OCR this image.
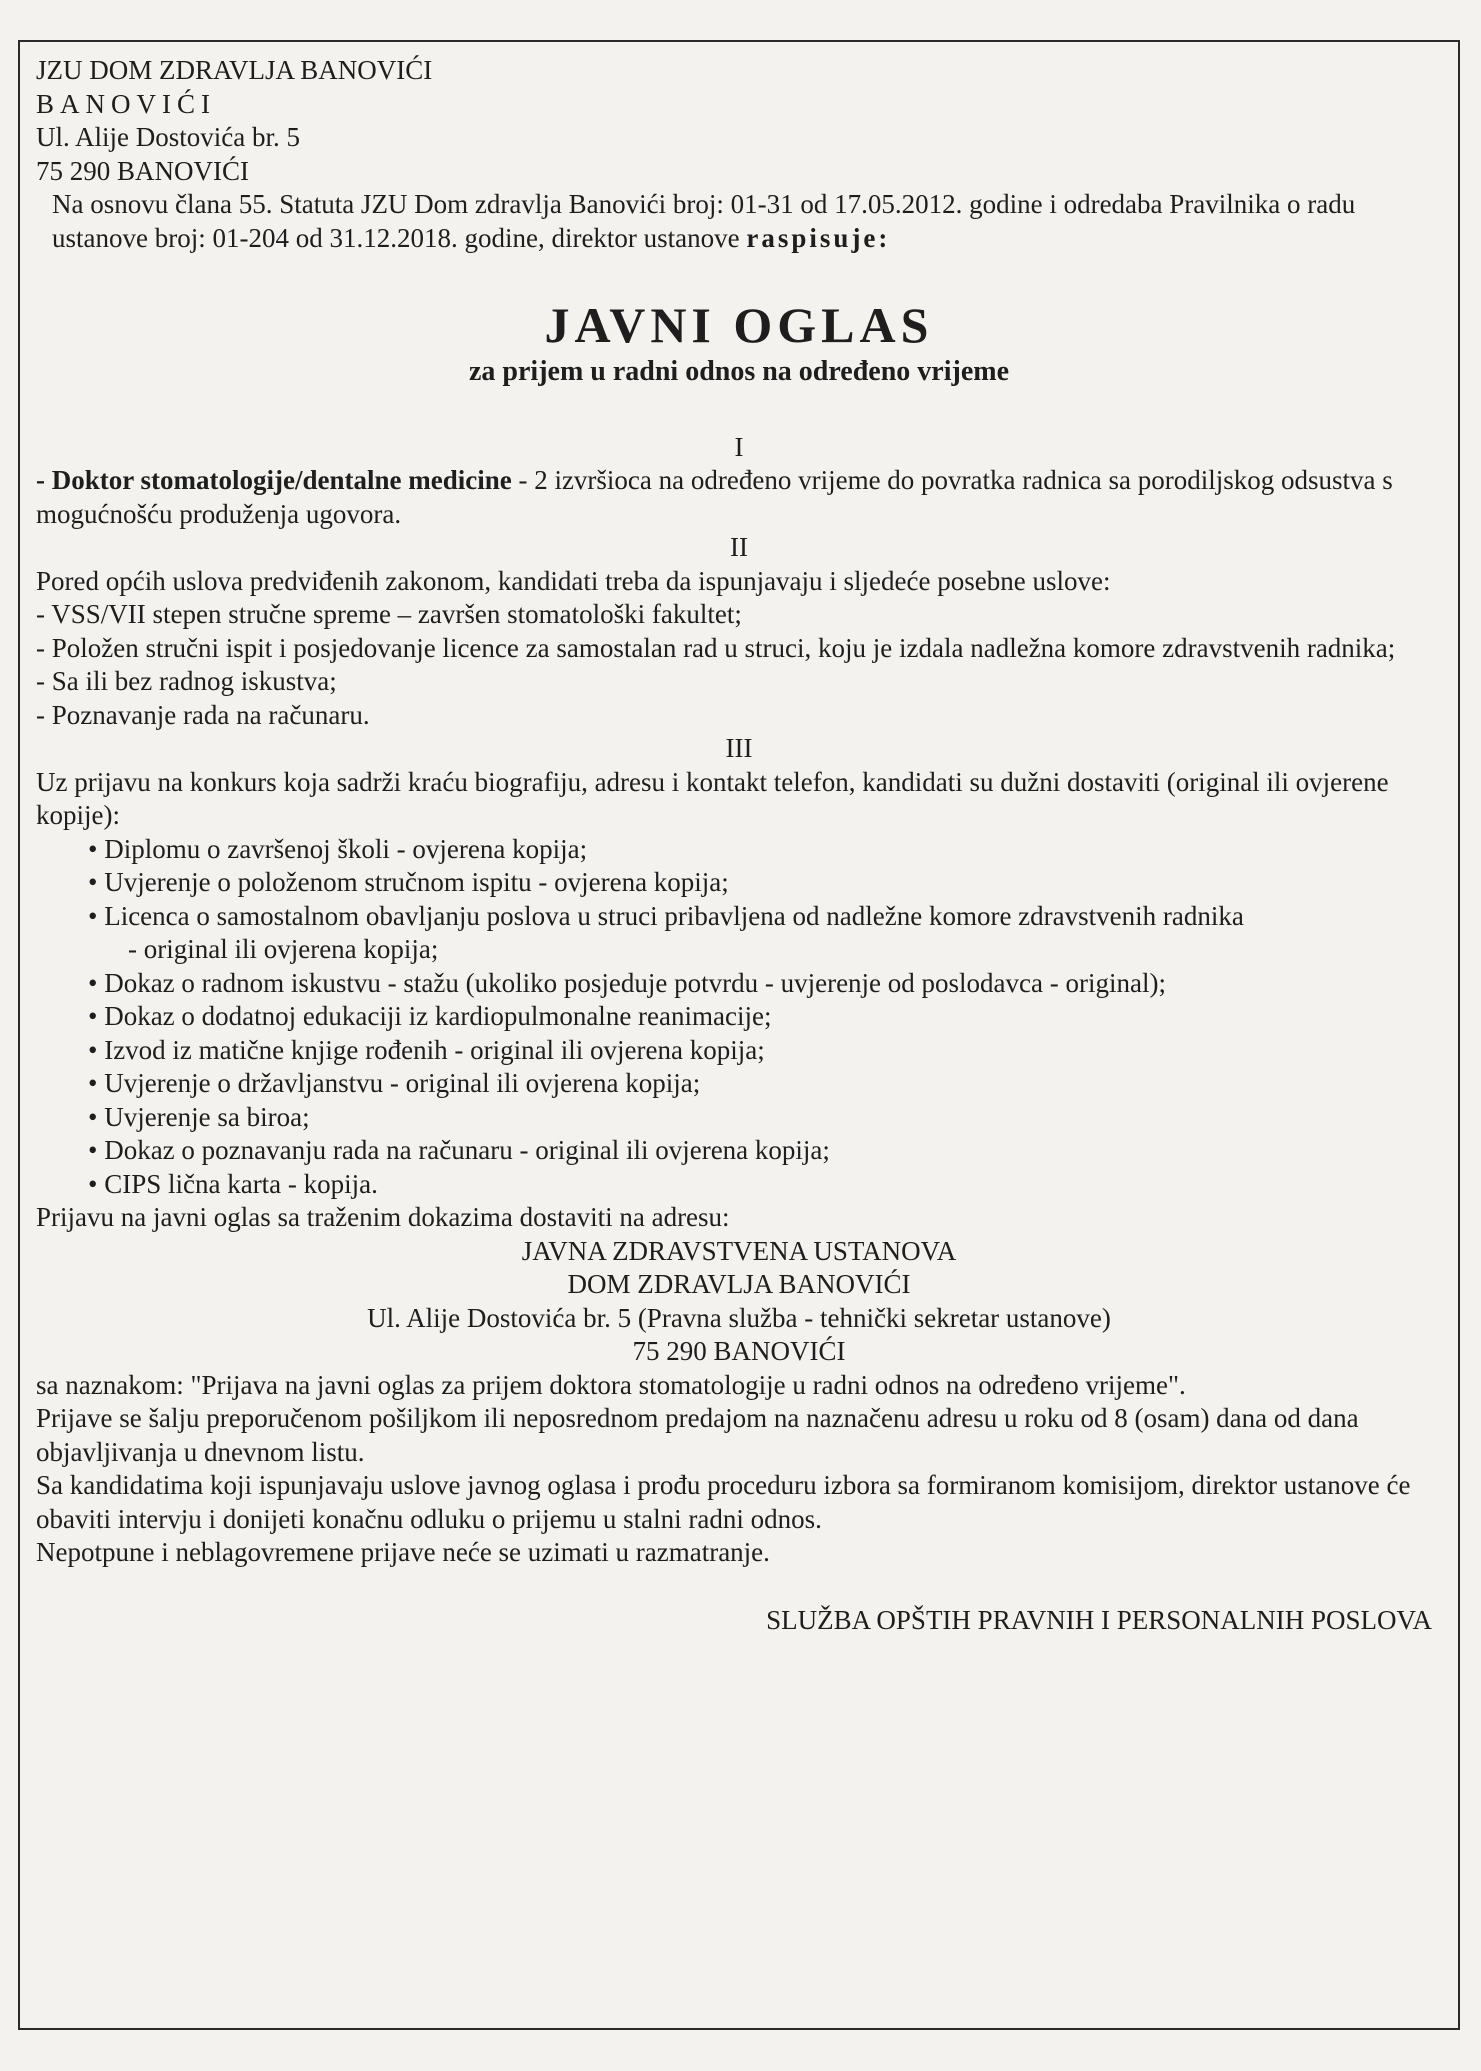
JZU DOM ZDRAVLJA BANOVIĆI
BANOVIĆI
Ul. Alije Dostovića br. 5
75 290 BANOVIĆI

Na osnovu člana 55. Statuta JZU Dom zdravlja Banovići broj: 01-31 od 17.05.2012. godine i odredaba Pravilnika o radu ustanove broj: 01-204 od 31.12.2018. godine, direktor ustanove raspisuje:

JAVNI OGLAS
za prijem u radni odnos na određeno vrijeme
I

- Doktor stomatologije/dentalne medicine - 2 izvršioca na određeno vrijeme do povratka radnica sa porodiljskog odsustva s mogućnošću produženja ugovora.

II

Pored općih uslova predviđenih zakonom, kandidati treba da ispunjavaju i sljedeće posebne uslove:

- VSS/VII stepen stručne spreme – završen stomatološki fakultet;
- Položen stručni ispit i posjedovanje licence za samostalan rad u struci, koju je izdala nadležna komore zdravstvenih radnika;
- Sa ili bez radnog iskustva;
- Poznavanje rada na računaru.
III

Uz prijavu na konkurs koja sadrži kraću biografiju, adresu i kontakt telefon, kandidati su dužni dostaviti (original ili ovjerene kopije):

• Diplomu o završenoj školi - ovjerena kopija;
• Uvjerenje o položenom stručnom ispitu - ovjerena kopija;
• Licenca o samostalnom obavljanju poslova u struci pribavljena od nadležne komore zdravstvenih radnika
- original ili ovjerena kopija;
• Dokaz o radnom iskustvu - stažu (ukoliko posjeduje potvrdu - uvjerenje od poslodavca - original);
• Dokaz o dodatnoj edukaciji iz kardiopulmonalne reanimacije;
• Izvod iz matične knjige rođenih - original ili ovjerena kopija;
• Uvjerenje o državljanstvu - original ili ovjerena kopija;
• Uvjerenje sa biroa;
• Dokaz o poznavanju rada na računaru - original ili ovjerena kopija;
• CIPS lična karta - kopija.

Prijavu na javni oglas sa traženim dokazima dostaviti na adresu:

JAVNA ZDRAVSTVENA USTANOVA
DOM ZDRAVLJA BANOVIĆI
Ul. Alije Dostovića br. 5 (Pravna služba - tehnički sekretar ustanove)
75 290 BANOVIĆI

sa naznakom: "Prijava na javni oglas za prijem doktora stomatologije u radni odnos na određeno vrijeme".

Prijave se šalju preporučenom pošiljkom ili neposrednom predajom na naznačenu adresu u roku od 8 (osam) dana od dana objavljivanja u dnevnom listu.

Sa kandidatima koji ispunjavaju uslove javnog oglasa i prođu proceduru izbora sa formiranom komisijom, direktor ustanove će obaviti intervju i donijeti konačnu odluku o prijemu u stalni radni odnos.

Nepotpune i neblagovremene prijave neće se uzimati u razmatranje.

SLUŽBA OPŠTIH PRAVNIH I PERSONALNIH POSLOVA
